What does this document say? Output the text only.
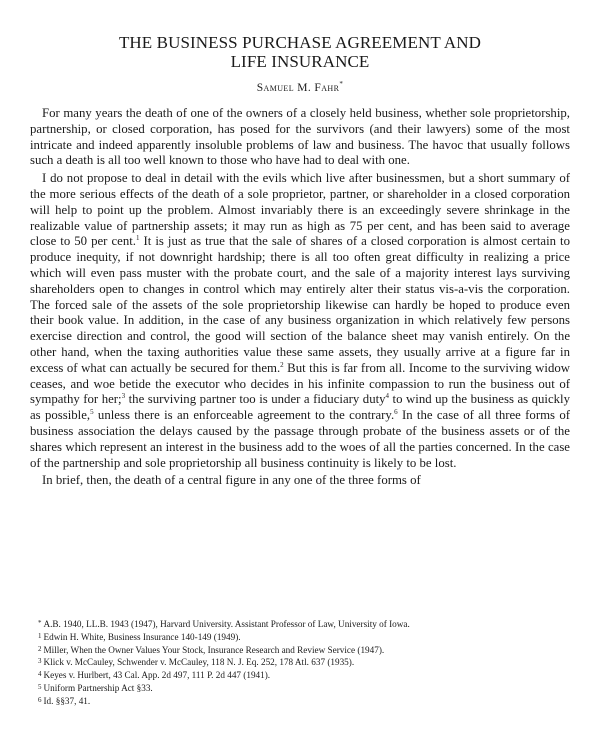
THE BUSINESS PURCHASE AGREEMENT AND
LIFE INSURANCE
Samuel M. Fahr*

For many years the death of one of the owners of a closely held business, whether sole proprietorship, partnership, or closed corporation, has posed for the survivors (and their lawyers) some of the most intricate and indeed apparently insoluble problems of law and business. The havoc that usually follows such a death is all too well known to those who have had to deal with one.

I do not propose to deal in detail with the evils which live after businessmen, but a short summary of the more serious effects of the death of a sole proprietor, partner, or shareholder in a closed corporation will help to point up the problem. Almost invariably there is an exceedingly severe shrinkage in the realizable value of partnership assets; it may run as high as 75 per cent, and has been said to average close to 50 per cent.$^1$ It is just as true that the sale of shares of a closed corporation is almost certain to produce inequity, if not downright hardship; there is all too often great difficulty in realizing a price which will even pass muster with the probate court, and the sale of a majority interest lays surviving shareholders open to changes in control which may entirely alter their status vis-a-vis the corporation. The forced sale of the assets of the sole proprietorship likewise can hardly be hoped to produce even their book value. In addition, in the case of any business organization in which relatively few persons exercise direction and control, the good will section of the balance sheet may vanish entirely. On the other hand, when the taxing authorities value these same assets, they usually arrive at a figure far in excess of what can actually be secured for them.$^2$ But this is far from all. Income to the surviving widow ceases, and woe betide the executor who decides in his infinite compassion to run the business out of sympathy for her;$^3$ the surviving partner too is under a fiduciary duty$^4$ to wind up the business as quickly as possible,$^5$ unless there is an enforceable agreement to the contrary.$^6$ In the case of all three forms of business association the delays caused by the passage through probate of the business assets or of the shares which represent an interest in the business add to the woes of all the parties concerned. In the case of the partnership and sole proprietorship all business continuity is likely to be lost.

In brief, then, the death of a central figure in any one of the three forms of

* A.B. 1940, LL.B. 1943 (1947), Harvard University. Assistant Professor of Law, University of Iowa.
$^1$ Edwin H. White, Business Insurance 140-149 (1949).
$^2$ Miller, When the Owner Values Your Stock, Insurance Research and Review Service (1947).
$^3$ Klick v. McCauley, Schwender v. McCauley, 118 N. J. Eq. 252, 178 Atl. 637 (1935).
$^4$ Keyes v. Hurlbert, 43 Cal. App. 2d 497, 111 P. 2d 447 (1941).
$^5$ Uniform Partnership Act §33.
$^6$ Id. §§37, 41.
